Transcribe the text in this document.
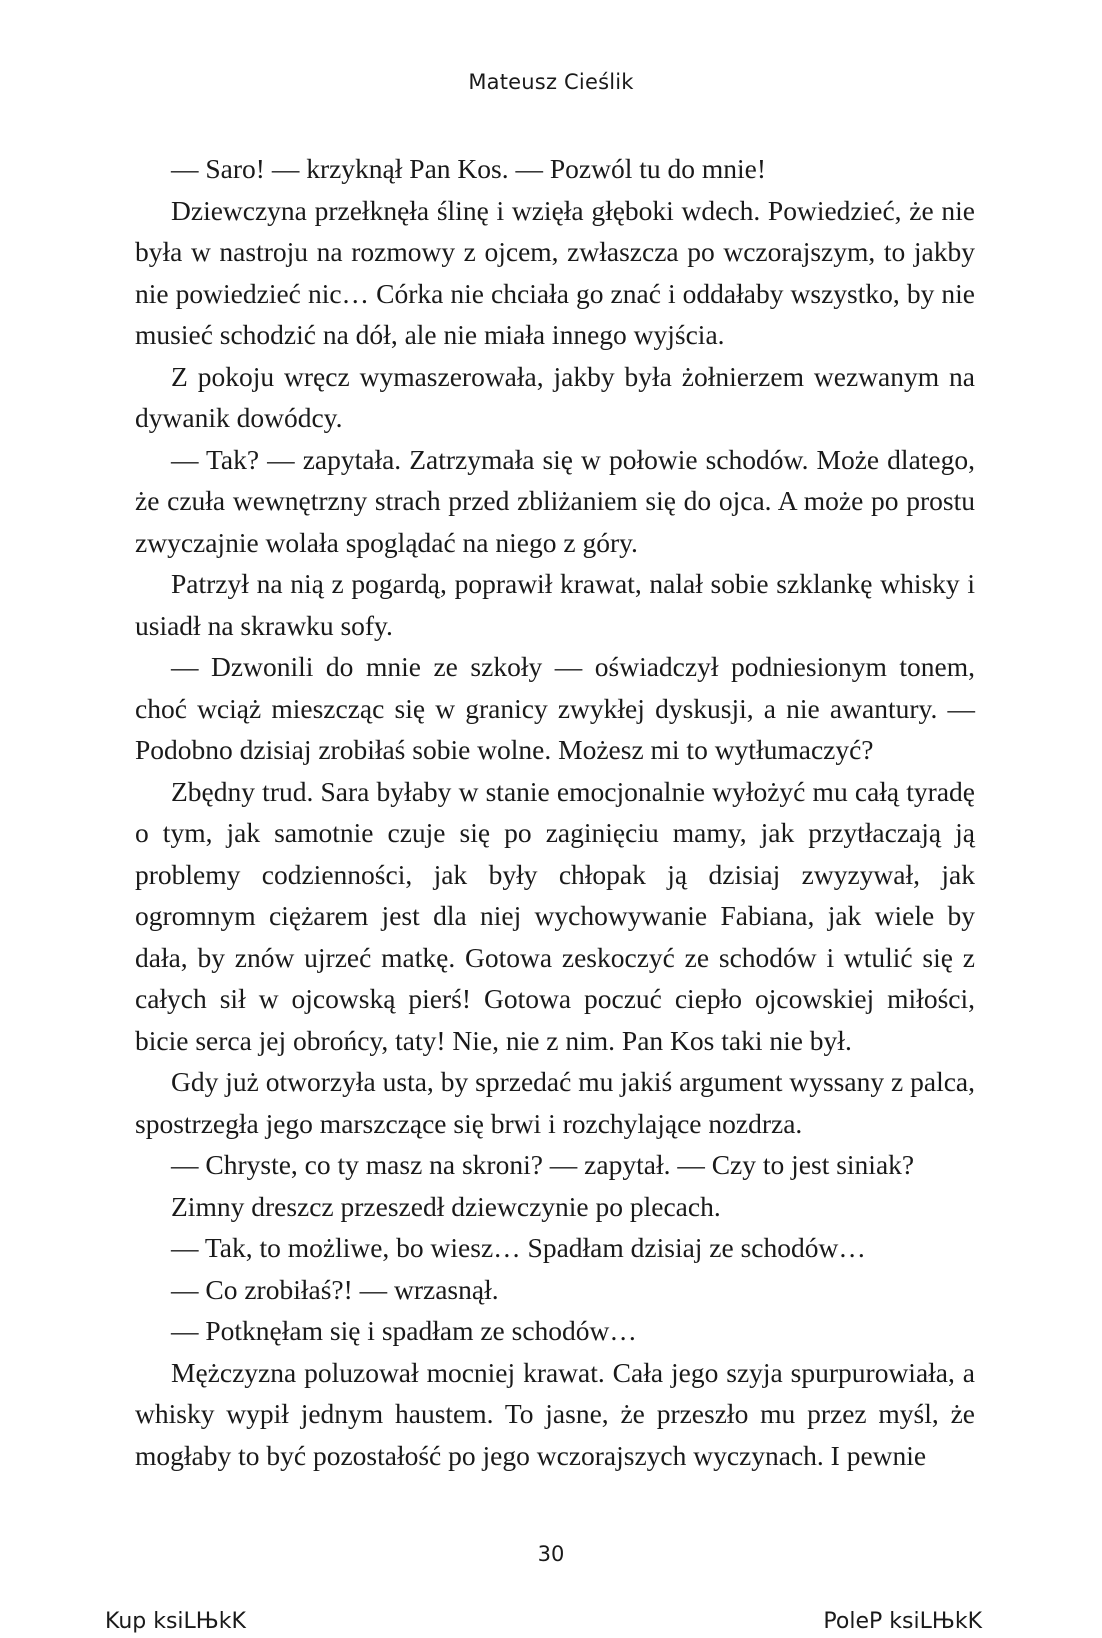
Mateusz Cieślik

— Saro! — krzyknął Pan Kos. — Pozwól tu do mnie!

Dziewczyna przełknęła ślinę i wzięła głęboki wdech. Powiedzieć, że nie była w nastroju na rozmowy z ojcem, zwłaszcza po wczorajszym, to jakby nie powiedzieć nic… Córka nie chciała go znać i oddałaby wszystko, by nie musieć schodzić na dół, ale nie miała innego wyjścia.

Z pokoju wręcz wymaszerowała, jakby była żołnierzem wezwanym na dywanik dowódcy.

— Tak? — zapytała. Zatrzymała się w połowie schodów. Może dlatego, że czuła wewnętrzny strach przed zbliżaniem się do ojca. A może po prostu zwyczajnie wolała spoglądać na niego z góry.

Patrzył na nią z pogardą, poprawił krawat, nalał sobie szklankę whisky i usiadł na skrawku sofy.

— Dzwonili do mnie ze szkoły — oświadczył podniesionym tonem, choć wciąż mieszcząc się w granicy zwykłej dyskusji, a nie awantury. — Podobno dzisiaj zrobiłaś sobie wolne. Możesz mi to wytłumaczyć?

Zbędny trud. Sara byłaby w stanie emocjonalnie wyłożyć mu całą tyradę o tym, jak samotnie czuje się po zaginięciu mamy, jak przytłaczają ją problemy codzienności, jak były chłopak ją dzisiaj zwyzywał, jak ogromnym ciężarem jest dla niej wychowywanie Fabiana, jak wiele by dała, by znów ujrzeć matkę. Gotowa zeskoczyć ze schodów i wtulić się z całych sił w ojcowską pierś! Gotowa poczuć ciepło ojcowskiej miłości, bicie serca jej obrońcy, taty! Nie, nie z nim. Pan Kos taki nie był.

Gdy już otworzyła usta, by sprzedać mu jakiś argument wyssany z palca, spostrzegła jego marszczące się brwi i rozchylające nozdrza.

— Chryste, co ty masz na skroni? — zapytał. — Czy to jest siniak?

Zimny dreszcz przeszedł dziewczynie po plecach.

— Tak, to możliwe, bo wiesz… Spadłam dzisiaj ze schodów…

— Co zrobiłaś?! — wrzasnął.

— Potknęłam się i spadłam ze schodów…

Mężczyzna poluzował mocniej krawat. Cała jego szyja spurpurowiała, a whisky wypił jednym haustem. To jasne, że przeszło mu przez myśl, że mogłaby to być pozostałość po jego wczorajszych wyczynach. I pewnie

30
Kup ksiLЊkK	PoleP ksiLЊkK
